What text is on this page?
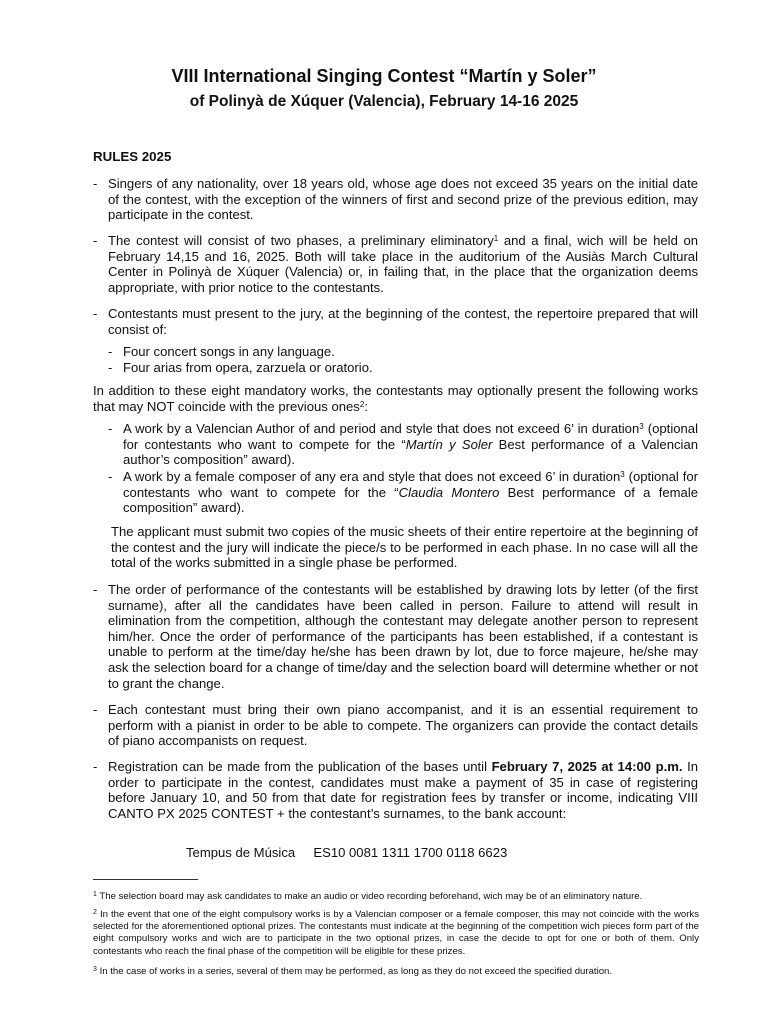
VIII International Singing Contest “Martín y Soler”
of Polinyà de Xúquer (Valencia), February 14-16 2025
RULES 2025
- Singers of any nationality, over 18 years old, whose age does not exceed 35 years on the initial date of the contest, with the exception of the winners of first and second prize of the previous edition, may participate in the contest.
- The contest will consist of two phases, a preliminary eliminatory$^1$ and a final, wich will be held on February 14,15 and 16, 2025. Both will take place in the auditorium of the Ausiàs March Cultural Center in Polinyà de Xúquer (Valencia) or, in failing that, in the place that the organization deems appropriate, with prior notice to the contestants.
- Contestants must present to the jury, at the beginning of the contest, the repertoire prepared that will consist of:
- Four concert songs in any language.
- Four arias from opera, zarzuela or oratorio.
In addition to these eight mandatory works, the contestants may optionally present the following works that may NOT coincide with the previous ones$^2$:
- A work by a Valencian Author of and period and style that does not exceed 6’ in duration$^3$ (optional for contestants who want to compete for the “Martín y Soler Best performance of a Valencian author’s composition” award).
- A work by a female composer of any era and style that does not exceed 6’ in duration$^3$ (optional for contestants who want to compete for the “Claudia Montero Best performance of a female composition” award).
The applicant must submit two copies of the music sheets of their entire repertoire at the beginning of the contest and the jury will indicate the piece/s to be performed in each phase. In no case will all the total of the works submitted in a single phase be performed.
- The order of performance of the contestants will be established by drawing lots by letter (of the first surname), after all the candidates have been called in person. Failure to attend will result in elimination from the competition, although the contestant may delegate another person to represent him/her. Once the order of performance of the participants has been established, if a contestant is unable to perform at the time/day he/she has been drawn by lot, due to force majeure, he/she may ask the selection board for a change of time/day and the selection board will determine whether or not to grant the change.
- Each contestant must bring their own piano accompanist, and it is an essential requirement to perform with a pianist in order to be able to compete. The organizers can provide the contact details of piano accompanists on request.
- Registration can be made from the publication of the bases until February 7, 2025 at 14:00 p.m. In order to participate in the contest, candidates must make a payment of 35 in case of registering before January 10, and 50 from that date for registration fees by transfer or income, indicating VIII CANTO PX 2025 CONTEST + the contestant’s surnames, to the bank account:
Tempus de Música     ES10 0081 1311 1700 0118 6623
$^1$ The selection board may ask candidates to make an audio or video recording beforehand, wich may be of an eliminatory nature.
$^2$ In the event that one of the eight compulsory works is by a Valencian composer or a female composer, this may not coincide with the works selected for the aforementioned optional prizes. The contestants must indicate at the beginning of the competition wich pieces form part of the eight compulsory works and wich are to participate in the two optional prizes, in case the decide to opt for one or both of them. Only contestants who reach the final phase of the competition will be eligible for these prizes.
$^3$ In the case of works in a series, several of them may be performed, as long as they do not exceed the specified duration.
